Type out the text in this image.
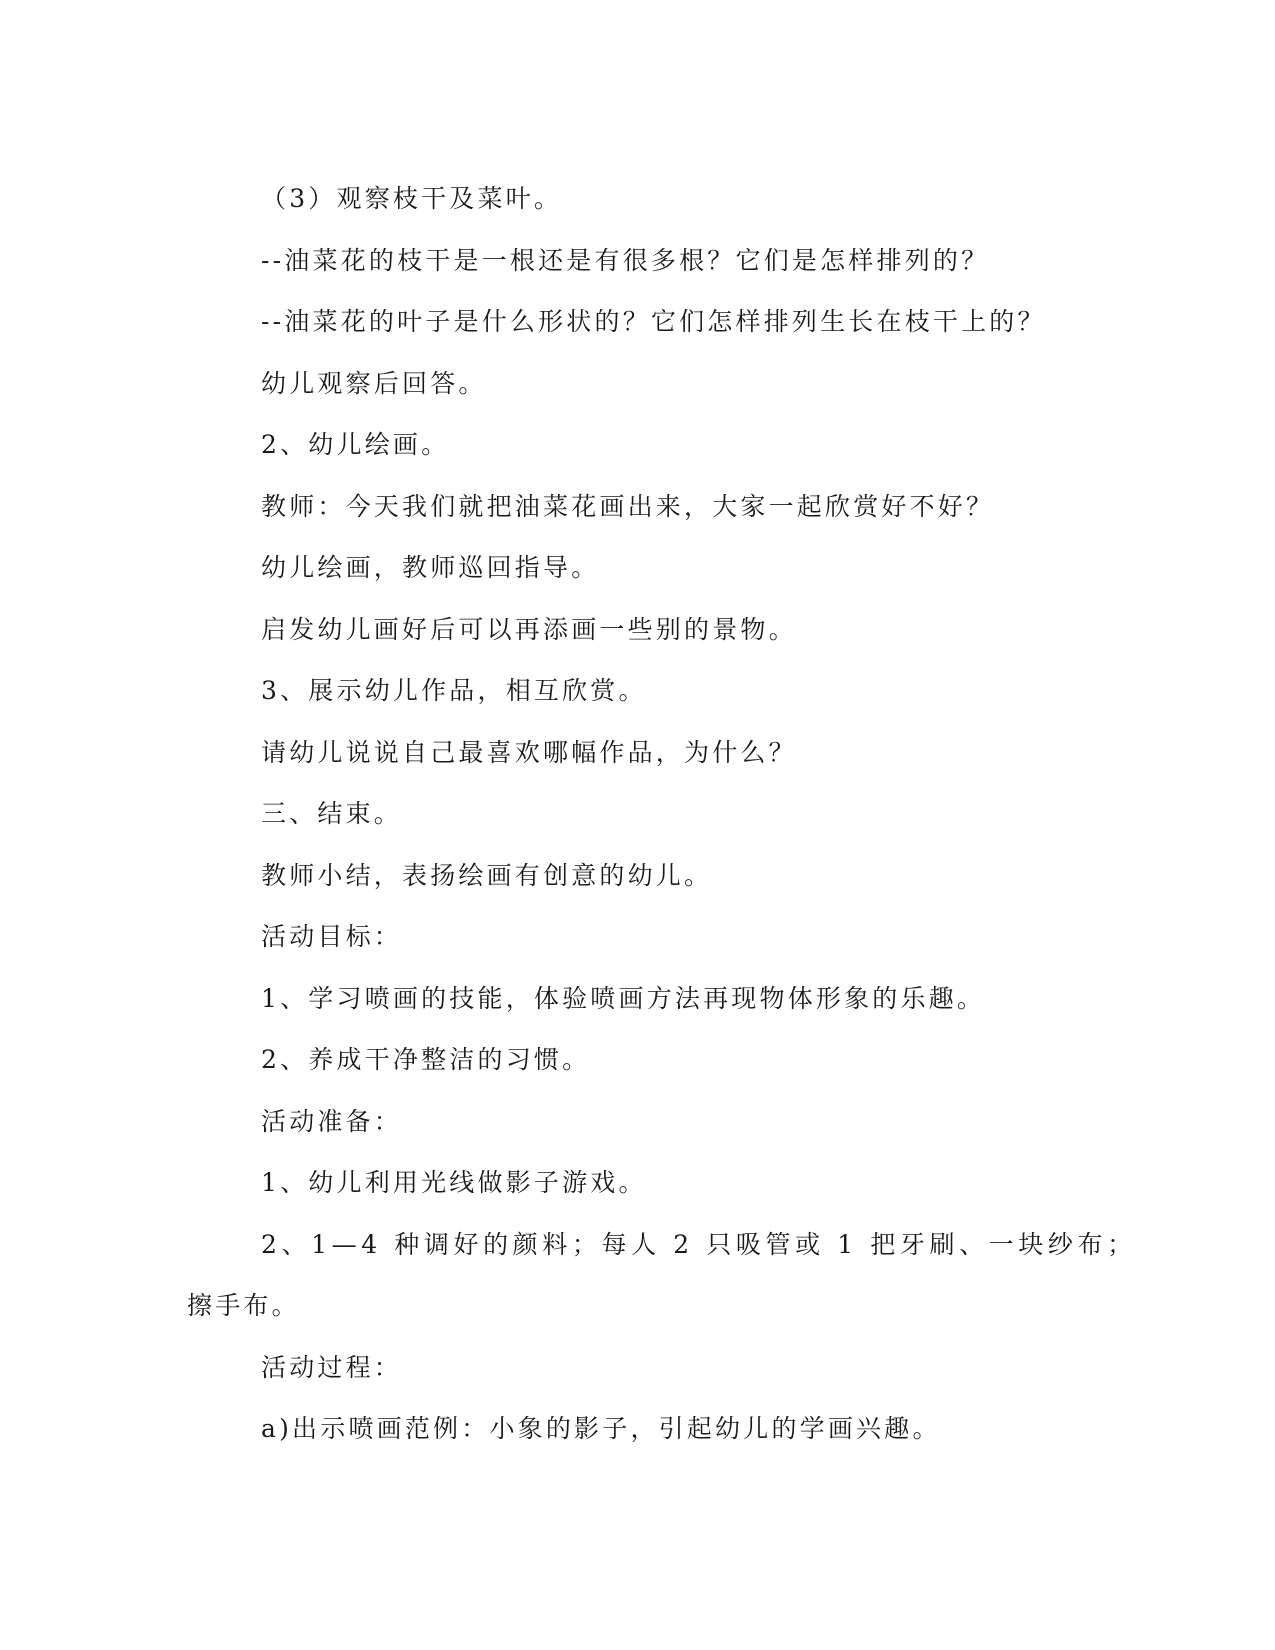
（3）观察枝干及菜叶。
--油菜花的枝干是一根还是有很多根？它们是怎样排列的？
--油菜花的叶子是什么形状的？它们怎样排列生长在枝干上的？
幼儿观察后回答。
2、幼儿绘画。
教师：今天我们就把油菜花画出来，大家一起欣赏好不好？
幼儿绘画，教师巡回指导。
启发幼儿画好后可以再添画一些别的景物。
3、展示幼儿作品，相互欣赏。
请幼儿说说自己最喜欢哪幅作品，为什么？
三、结束。
教师小结，表扬绘画有创意的幼儿。
活动目标：
1、学习喷画的技能，体验喷画方法再现物体形象的乐趣。
2、养成干净整洁的习惯。
活动准备：
1、幼儿利用光线做影子游戏。
2、1—4 种调好的颜料；每人 2 只吸管或 1 把牙刷、一块纱布；
擦手布。
活动过程：
a)出示喷画范例：小象的影子，引起幼儿的学画兴趣。
